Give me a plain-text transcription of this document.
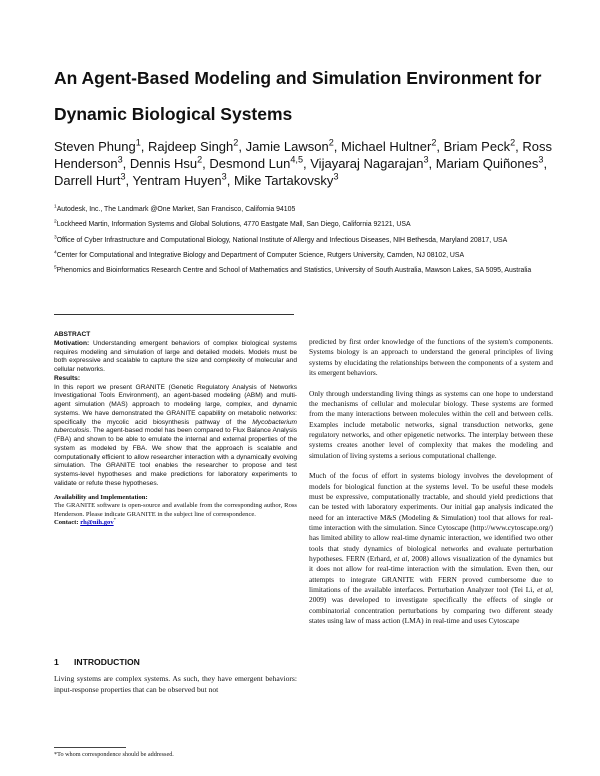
An Agent-Based Modeling and Simulation Environment for
Dynamic Biological Systems

Steven Phung$^1$, Rajdeep Singh$^2$, Jamie Lawson$^2$, Michael Hultner$^2$, Briam Peck$^2$, Ross Henderson$^3$, Dennis Hsu$^2$, Desmond Lun$^{4,5}$, Vijayaraj Nagarajan$^3$, Mariam Quiñones$^3$, Darrell Hurt$^3$, Yentram Huyen$^3$, Mike Tartakovsky$^3$

$^1$Autodesk, Inc., The Landmark @One Market, San Francisco, California 94105

$^2$Lockheed Martin, Information Systems and Global Solutions, 4770 Eastgate Mall, San Diego, California 92121, USA

$^3$Office of Cyber Infrastructure and Computational Biology, National Institute of Allergy and Infectious Diseases, NIH Bethesda, Maryland 20817, USA

$^4$Center for Computational and Integrative Biology and Department of Computer Science, Rutgers University, Camden, NJ 08102, USA

$^5$Phenomics and Bioinformatics Research Centre and School of Mathematics and Statistics, University of South Australia, Mawson Lakes, SA 5095, Australia

ABSTRACT

Motivation: Understanding emergent behaviors of complex biological systems requires modeling and simulation of large and detailed models. Models must be both expressive and scalable to capture the size and complexity of molecular and cellular networks.

Results:

In this report we present GRANITE (Genetic Regulatory Analysis of Networks Investigational Tools Environment), an agent-based modeling (ABM) and multi-agent simulation (MAS) approach to modeling large, complex, and dynamic systems. We have demonstrated the GRANITE capability on metabolic networks: specifically the mycolic acid biosynthesis pathway of the Mycobacterium tuberculosis. The agent-based model has been compared to Flux Balance Analysis (FBA) and shown to be able to emulate the internal and external properties of the system as modeled by FBA. We show that the approach is scalable and computationally efficient to allow researcher interaction with a dynamically evolving simulation. The GRANITE tool enables the researcher to propose and test systems-level hypotheses and make predictions for laboratory experiments to validate or refute these hypotheses.

Availability and Implementation:
The GRANITE software is open-source and available from the corresponding author, Ross Henderson. Please indicate GRANITE in the subject line of correspondence.
Contact: rh@nih.gov*

1 INTRODUCTION

Living systems are complex systems. As such, they have emergent behaviors: input-response properties that can be observed but not

*To whom correspondence should be addressed.

predicted by first order knowledge of the functions of the system's components. Systems biology is an approach to understand the general principles of living systems by elucidating the relationships between the components of a system and its emergent behaviors.

Only through understanding living things as systems can one hope to understand the mechanisms of cellular and molecular biology. These systems are formed from the many interactions between molecules within the cell and between cells. Examples include metabolic networks, signal transduction networks, gene regulatory networks, and other epigenetic networks. The interplay between these systems creates another level of complexity that makes the modeling and simulation of living systems a serious computational challenge.

Much of the focus of effort in systems biology involves the development of models for biological function at the systems level. To be useful these models must be expressive, computationally tractable, and should yield predictions that can be tested with laboratory experiments. Our initial gap analysis indicated the need for an interactive M&S (Modeling & Simulation) tool that allows for real-time interaction with the simulation. Since Cytoscape (http://www.cytoscape.org/) has limited ability to allow real-time dynamic interaction, we identified two other tools that study dynamics of biological networks and evaluate perturbation hypotheses. FERN (Erhard, et al, 2008) allows visualization of the dynamics but it does not allow for real-time interaction with the simulation. Even then, our attempts to integrate GRANITE with FERN proved cumbersome due to limitations of the available interfaces. Perturbation Analyzer tool (Tei Li, et al, 2009) was developed to investigate specifically the effects of single or combinatorial concentration perturbations by comparing two different steady states using law of mass action (LMA) in real-time and uses Cytoscape
